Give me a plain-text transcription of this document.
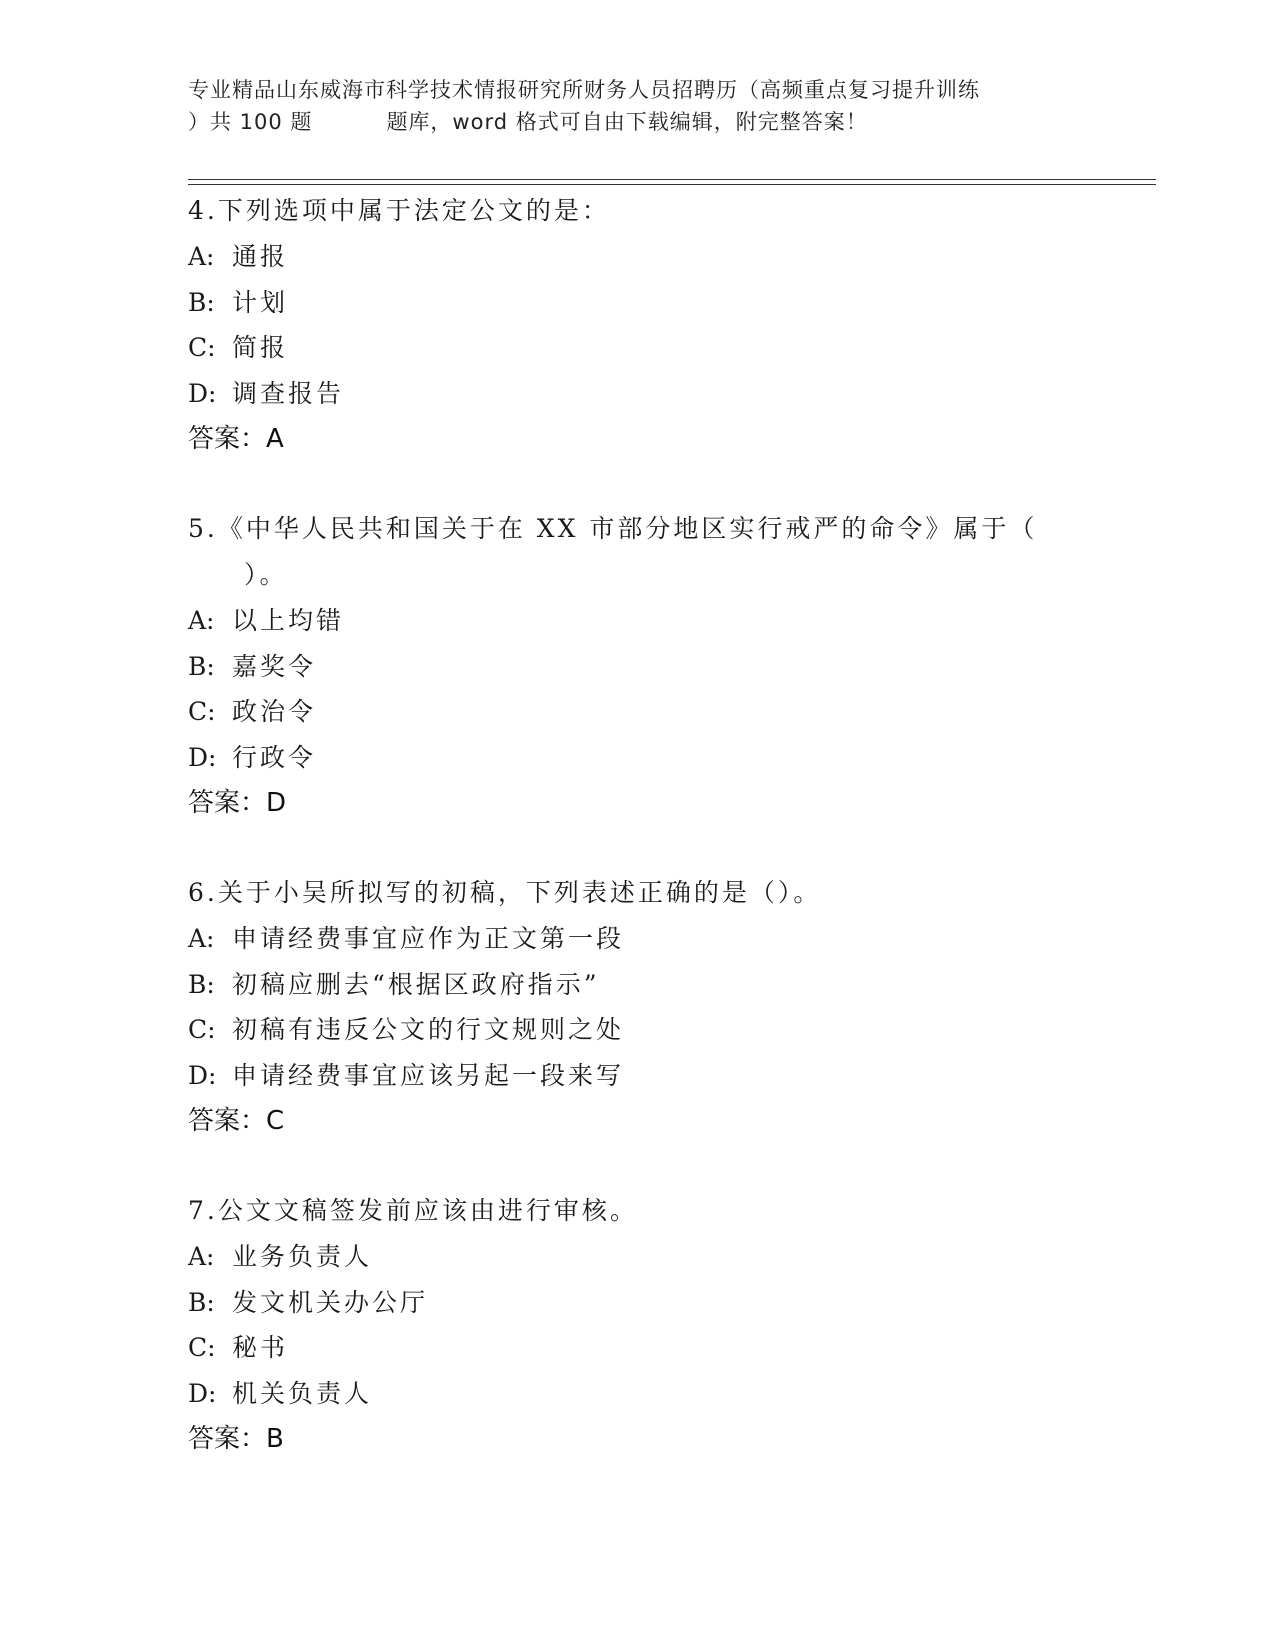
专业精品山东威海市科学技术情报研究所财务人员招聘历（高频重点复习提升训练
）共 100 题	题库，word 格式可自由下载编辑，附完整答案！
4.下列选项中属于法定公文的是：
A: 通报
B: 计划
C: 简报
D: 调查报告
答案：A
5.《中华人民共和国关于在 XX 市部分地区实行戒严的命令》属于（
）。
A: 以上均错
B: 嘉奖令
C: 政治令
D: 行政令
答案：D
6.关于小吴所拟写的初稿，下列表述正确的是（）。
A: 申请经费事宜应作为正文第一段
B: 初稿应删去“根据区政府指示”
C: 初稿有违反公文的行文规则之处
D: 申请经费事宜应该另起一段来写
答案：C
7.公文文稿签发前应该由进行审核。
A: 业务负责人
B: 发文机关办公厅
C: 秘书
D: 机关负责人
答案：B
